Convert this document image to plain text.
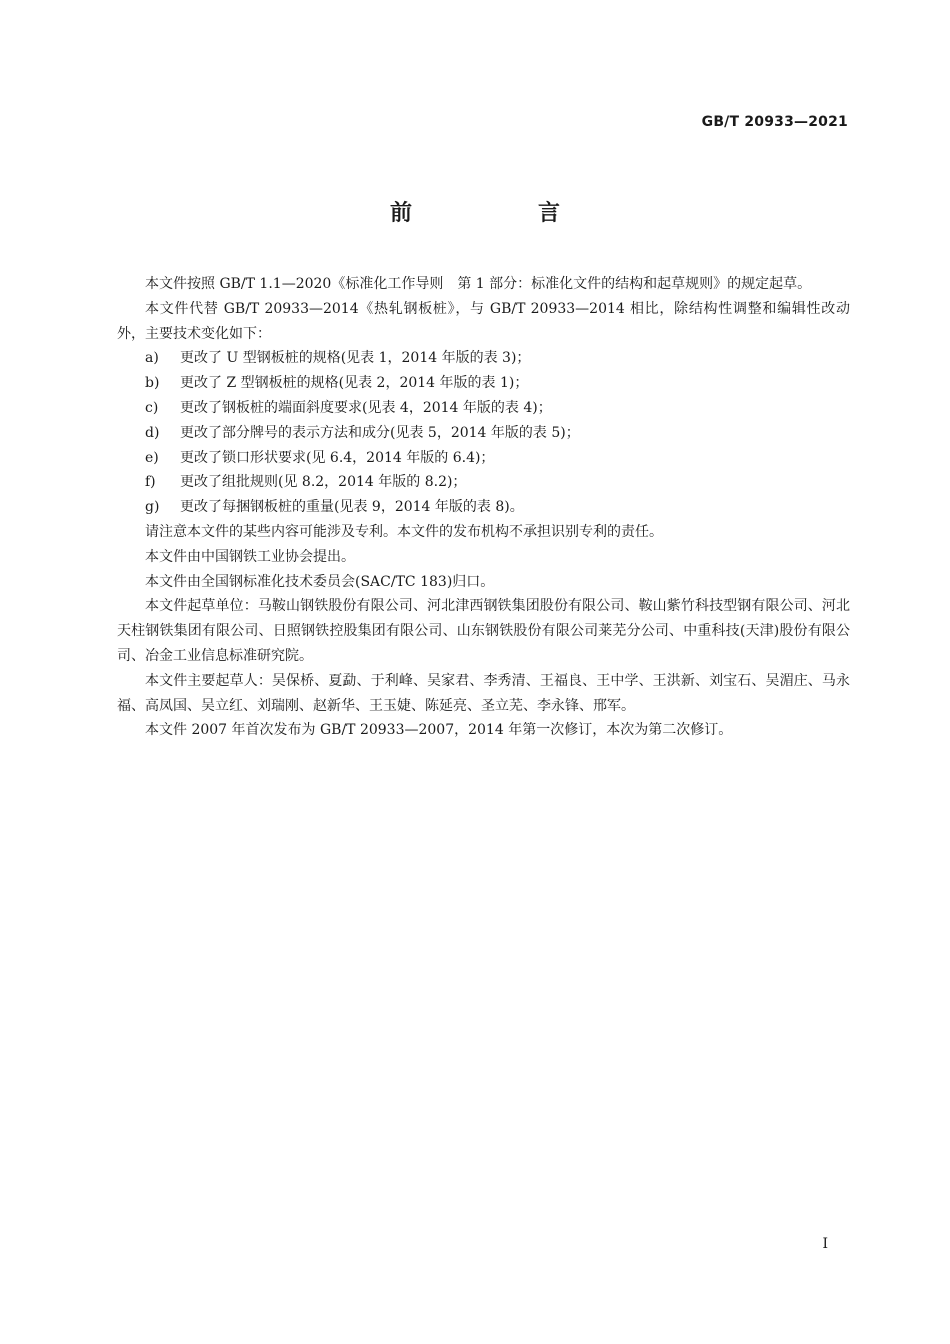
GB/T 20933—2021
前　言

本文件按照 GB/T 1.1—2020《标准化工作导则　第 1 部分：标准化文件的结构和起草规则》的规定起草。

本文件代替 GB/T 20933—2014《热轧钢板桩》，与 GB/T 20933—2014 相比，除结构性调整和编辑性改动外，主要技术变化如下：

a) 更改了 U 型钢板桩的规格(见表 1，2014 年版的表 3)；
b) 更改了 Z 型钢板桩的规格(见表 2，2014 年版的表 1)；
c) 更改了钢板桩的端面斜度要求(见表 4，2014 年版的表 4)；
d) 更改了部分牌号的表示方法和成分(见表 5，2014 年版的表 5)；
e) 更改了锁口形状要求(见 6.4，2014 年版的 6.4)；
f) 更改了组批规则(见 8.2，2014 年版的 8.2)；
g) 更改了每捆钢板桩的重量(见表 9，2014 年版的表 8)。

请注意本文件的某些内容可能涉及专利。本文件的发布机构不承担识别专利的责任。

本文件由中国钢铁工业协会提出。

本文件由全国钢标准化技术委员会(SAC/TC 183)归口。

本文件起草单位：马鞍山钢铁股份有限公司、河北津西钢铁集团股份有限公司、鞍山紫竹科技型钢有限公司、河北天柱钢铁集团有限公司、日照钢铁控股集团有限公司、山东钢铁股份有限公司莱芜分公司、中重科技(天津)股份有限公司、冶金工业信息标准研究院。

本文件主要起草人：吴保桥、夏勐、于利峰、吴家君、李秀清、王福良、王中学、王洪新、刘宝石、吴湄庄、马永福、高凤国、吴立红、刘瑞刚、赵新华、王玉婕、陈延亮、圣立芜、李永锋、邢军。

本文件 2007 年首次发布为 GB/T 20933—2007，2014 年第一次修订，本次为第二次修订。

I
